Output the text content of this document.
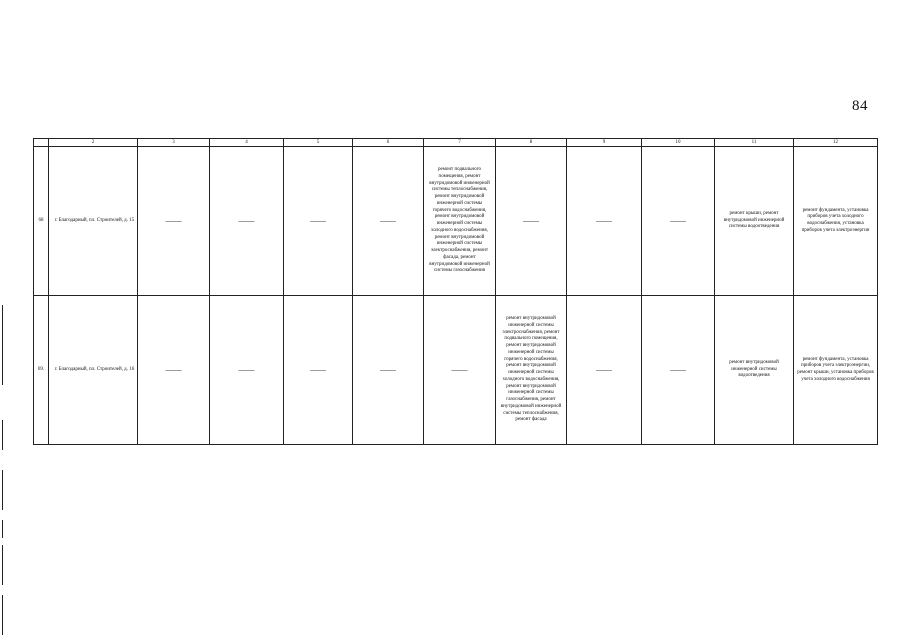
84
	2	3	4	5	6	7	8	9	10	11	12
68	г. Благодарный, пл. Строителей, д. 15	——	——	——	——	ремонт подвального помещения, ремонт внутридомовой инженерной системы теплоснабжения, ремонт внутридомовой инженерной системы горячего водоснабжения, ремонт внутридомовой инженерной системы холодного водоснабжения, ремонт внутридомовой инженерной системы электроснабжения, ремонт фасада, ремонт внутридомовой инженерной системы газоснабжения	——	——	——	ремонт крыши, ремонт внутридомовой инженерной системы водоотведения	ремонт фундамента, установка приборов учета холодного водоснабжения, установка приборов учета электроэнергии
69.	г. Благодарный, пл. Строителей, д. 16	——	——	——	——	——	ремонт внутридомовой инженерной системы электроснабжения, ремонт подвального помещения, ремонт внутридомовой инженерной системы горячего водоснабжения, ремонт внутридомовой инженерной системы холодного водоснабжения, ремонт внутридомовой инженерной системы газоснабжения, ремонт внутридомовой инженерной системы теплоснабжения, ремонт фасада	——	——	ремонт внутридомовой инженерной системы водоотведения	ремонт фундамента, установка приборов учета электроэнергии, ремонт крыши, установка приборов учета холодного водоснабжения
